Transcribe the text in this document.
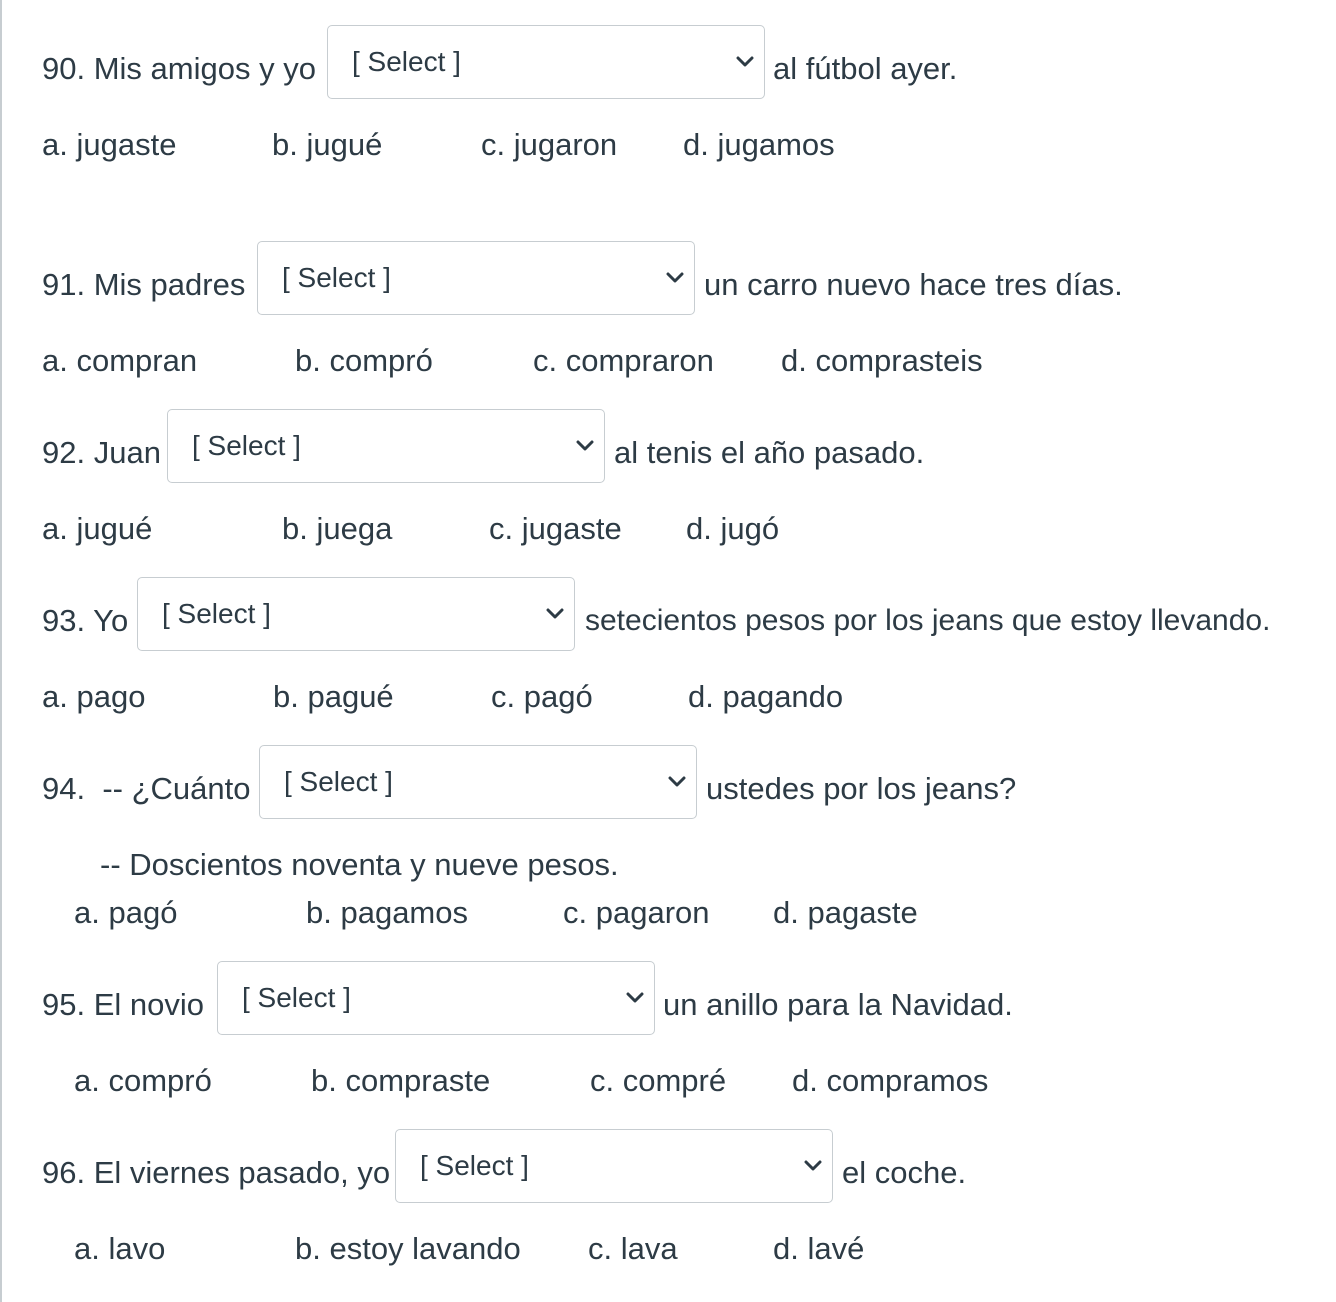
90. Mis amigos y yo [ Select ]	al fútbol ayer.
a. jugaste	b. jugué	c. jugaron d. jugamos
91. Mis padres [ Select ]	un carro nuevo hace tres días.
a. compran	b. compró	c. compraron d. comprasteis
92. Juan [ Select ]	al tenis el año pasado.
a. jugué	b. juega	c. jugaste d. jugó
93. Yo [ Select ]	setecientos pesos por los jeans que estoy llevando.
a. pago	b. pagué	c. pagó	d. pagando
94.  -- ¿Cuánto [ Select ]	ustedes por los jeans?
-- Doscientos noventa y nueve pesos.
a. pagó	b. pagamos	c. pagaron d. pagaste
95. El novio [ Select ]	un anillo para la Navidad.
a. compró	b. compraste	c. compré d. compramos
96. El viernes pasado, yo [ Select ]	el coche.
a. lavo	b. estoy lavando c. lava	d. lavé
